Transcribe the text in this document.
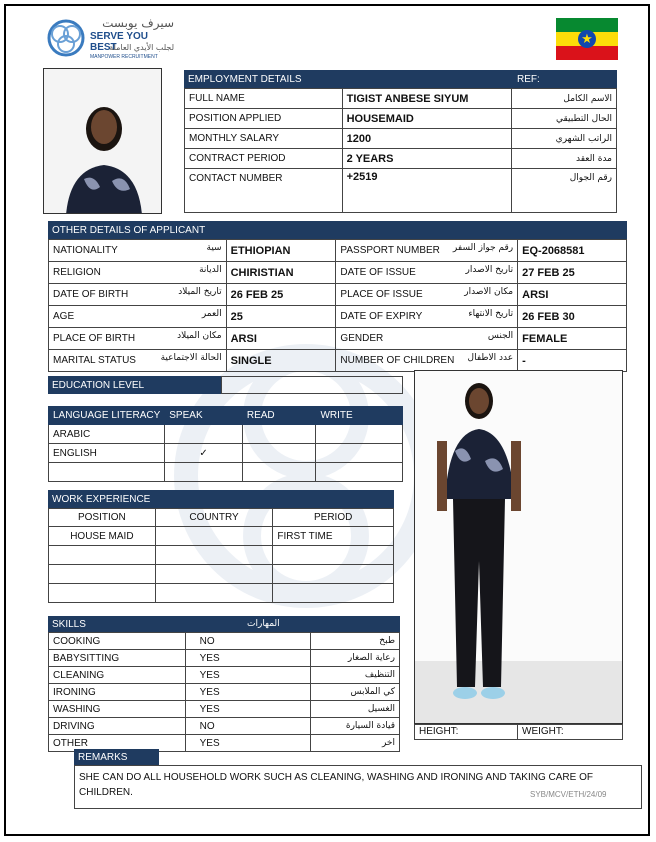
سيرف يوبست
SERVE YOU BEST
لجلب الأيدي العاملة
MANPOWER RECRUITMENT
★
EMPLOYMENT DETAILS	REF:
FULL NAME	TIGIST ANBESE SIYUM	الاسم الكامل
POSITION APPLIED	HOUSEMAID	الحال التطبيقي
MONTHLY SALARY	1200	الراتب الشهري
CONTRACT PERIOD	2 YEARS	مدة العقد
CONTACT NUMBER	+2519	رقم الجوال
OTHER DETAILS OF APPLICANT
NATIONALITY سية	ETHIOPIAN	PASSPORT NUMBER رقم جواز السفر	EQ-2068581
RELIGION الديانة	CHIRISTIAN	DATE OF ISSUE تاريخ الاصدار	27 FEB 25
DATE OF BIRTH تاريخ الميلاد	26 FEB 25	PLACE OF ISSUE مكان الاصدار	ARSI
AGE العمر	25	DATE OF EXPIRY تاريخ الانتهاء	26 FEB 30
PLACE OF BIRTH مكان الميلاد	ARSI	GENDER الجنس	FEMALE
MARITAL STATUS الحالة الاجتماعية	SINGLE	NUMBER OF CHILDREN عدد الاطفال	-
EDUCATION LEVEL
LANGUAGE LITERACY	SPEAK	READ	WRITE
ARABIC			
ENGLISH	✓		

WORK EXPERIENCE
POSITION	COUNTRY	PERIOD
HOUSE MAID		FIRST TIME

SKILLS	المهارات
COOKING	NO	طبخ
BABYSITTING	YES	رعاية الصغار
CLEANING	YES	التنظيف
IRONING	YES	كي الملابس
WASHING	YES	الغسيل
DRIVING	NO	قيادة السيارة
OTHER	YES	اخر
HEIGHT:	WEIGHT:
REMARKS
SHE CAN DO ALL HOUSEHOLD WORK SUCH AS CLEANING, WASHING AND IRONING AND TAKING CARE OF CHILDREN.	SYB/MCV/ETH/24/09
